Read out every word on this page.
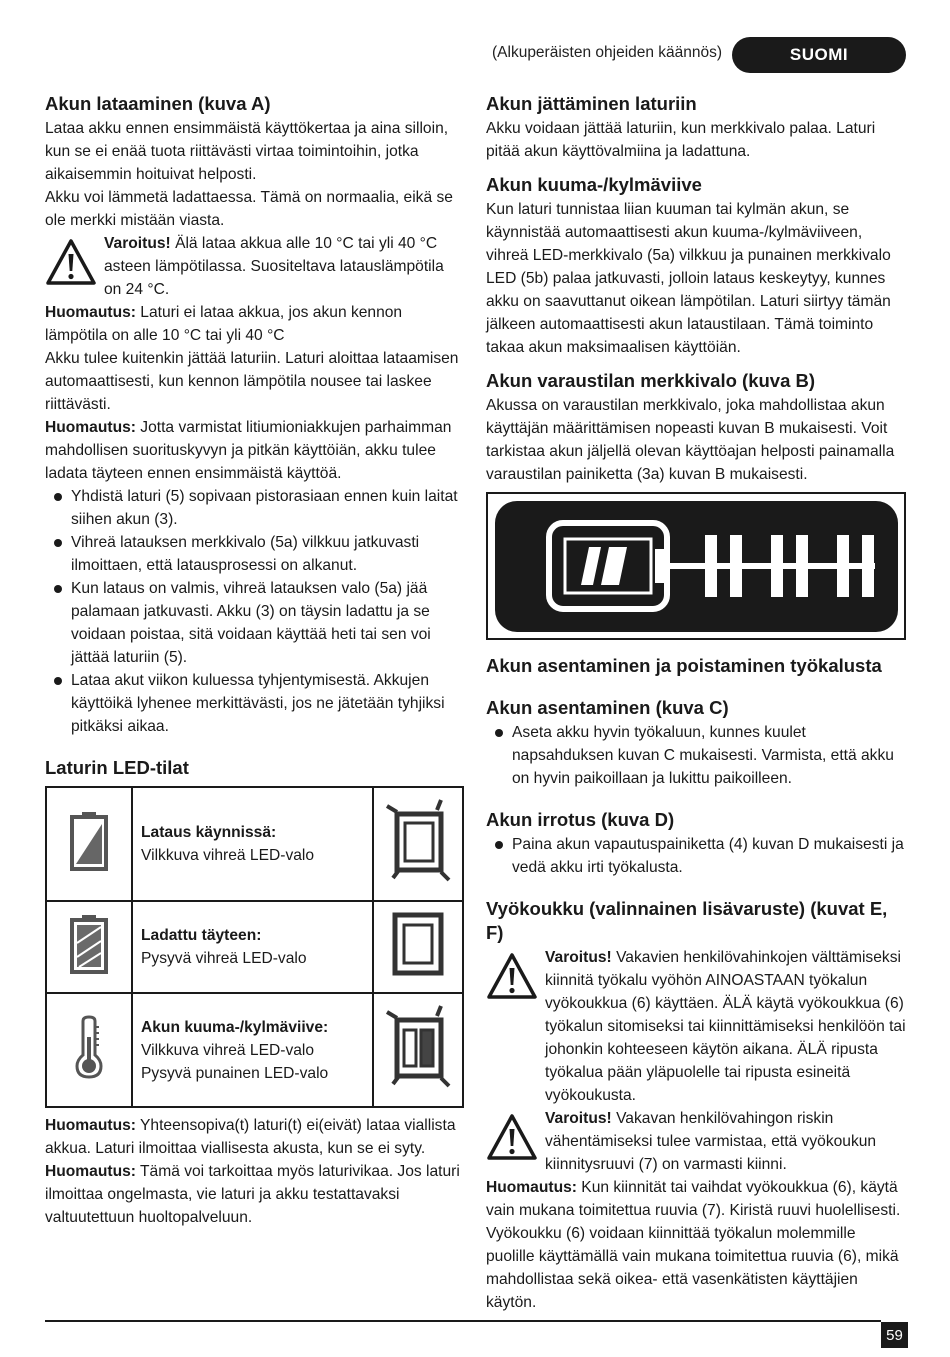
(Alkuperäisten ohjeiden käännös)	SUOMI
Akun lataaminen (kuva A)

Lataa akku ennen ensimmäistä käyttökertaa ja aina silloin, kun se ei enää tuota riittävästi virtaa toimintoihin, jotka aikaisemmin hoituivat helposti.

Akku voi lämmetä ladattaessa. Tämä on normaalia, eikä se ole merkki mistään viasta.

Varoitus! Älä lataa akkua alle 10 °C tai yli 40 °C asteen lämpötilassa. Suositeltava latauslämpötila on 24 °C.

Huomautus: Laturi ei lataa akkua, jos akun kennon lämpötila on alle 10 °C tai yli 40 °C

Akku tulee kuitenkin jättää laturiin. Laturi aloittaa lataamisen automaattisesti, kun kennon lämpötila nousee tai laskee riittävästi.

Huomautus: Jotta varmistat litiumioniakkujen parhaimman mahdollisen suorituskyvyn ja pitkän käyttöiän, akku tulee ladata täyteen ennen ensimmäistä käyttöä.

Yhdistä laturi (5) sopivaan pistorasiaan ennen kuin laitat siihen akun (3).
Vihreä latauksen merkkivalo (5a) vilkkuu jatkuvasti ilmoittaen, että latausprosessi on alkanut.
Kun lataus on valmis, vihreä latauksen valo (5a) jää palamaan jatkuvasti. Akku (3) on täysin ladattu ja se voidaan poistaa, sitä voidaan käyttää heti tai sen voi jättää laturiin (5).
Lataa akut viikon kuluessa tyhjentymisestä. Akkujen käyttöikä lyhenee merkittävästi, jos ne jätetään tyhjiksi pitkäksi aikaa.
Laturin LED-tilat

Lataus käynnissä:
Vilkkuva vihreä LED-valo

Ladattu täyteen:
Pysyvä vihreä LED-valo

Akun kuuma-/kylmäviive:
Vilkkuva vihreä LED-valo
Pysyvä punainen LED-valo

Huomautus: Yhteensopiva(t) laturi(t) ei(eivät) lataa viallista akkua. Laturi ilmoittaa viallisesta akusta, kun se ei syty.

Huomautus: Tämä voi tarkoittaa myös laturivikaa. Jos laturi ilmoittaa ongelmasta, vie laturi ja akku testattavaksi valtuutettuun huoltopalveluun.

Akun jättäminen laturiin

Akku voidaan jättää laturiin, kun merkkivalo palaa. Laturi pitää akun käyttövalmiina ja ladattuna.

Akun kuuma-/kylmäviive

Kun laturi tunnistaa liian kuuman tai kylmän akun, se käynnistää automaattisesti akun kuuma-/kylmäviiveen, vihreä LED-merkkivalo (5a) vilkkuu ja punainen merkkivalo LED (5b) palaa jatkuvasti, jolloin lataus keskeytyy, kunnes akku on saavuttanut oikean lämpötilan. Laturi siirtyy tämän jälkeen automaattisesti akun lataustilaan. Tämä toiminto takaa akun maksimaalisen käyttöiän.

Akun varaustilan merkkivalo (kuva B)

Akussa on varaustilan merkkivalo, joka mahdollistaa akun käyttäjän määrittämisen nopeasti kuvan B mukaisesti. Voit tarkistaa akun jäljellä olevan käyttöajan helposti painamalla varaustilan painiketta (3a) kuvan B mukaisesti.

Akun asentaminen ja poistaminen työkalusta
Akun asentaminen (kuva C)
Aseta akku hyvin työkaluun, kunnes kuulet napsahduksen kuvan C mukaisesti. Varmista, että akku on hyvin paikoillaan ja lukittu paikoilleen.
Akun irrotus (kuva D)
Paina akun vapautuspainiketta (4) kuvan D mukaisesti ja vedä akku irti työkalusta.
Vyökoukku (valinnainen lisävaruste) (kuvat E, F)
Varoitus! Vakavien henkilövahinkojen välttämiseksi kiinnitä työkalu vyöhön AINOASTAAN työkalun vyökoukkua (6) käyttäen. ÄLÄ käytä vyökoukkua (6) työkalun sitomiseksi tai kiinnittämiseksi henkilöön tai johonkin kohteeseen käytön aikana. ÄLÄ ripusta työkalua pään yläpuolelle tai ripusta esineitä vyökoukusta.
Varoitus! Vakavan henkilövahingon riskin vähentämiseksi tulee varmistaa, että vyökoukun kiinnitysruuvi (7) on varmasti kiinni.

Huomautus: Kun kiinnität tai vaihdat vyökoukkua (6), käytä vain mukana toimitettua ruuvia (7). Kiristä ruuvi huolellisesti. Vyökoukku (6) voidaan kiinnittää työkalun molemmille puolille käyttämällä vain mukana toimitettua ruuvia (6), mikä mahdollistaa sekä oikea- että vasenkätisten käyttäjien käytön.

59
